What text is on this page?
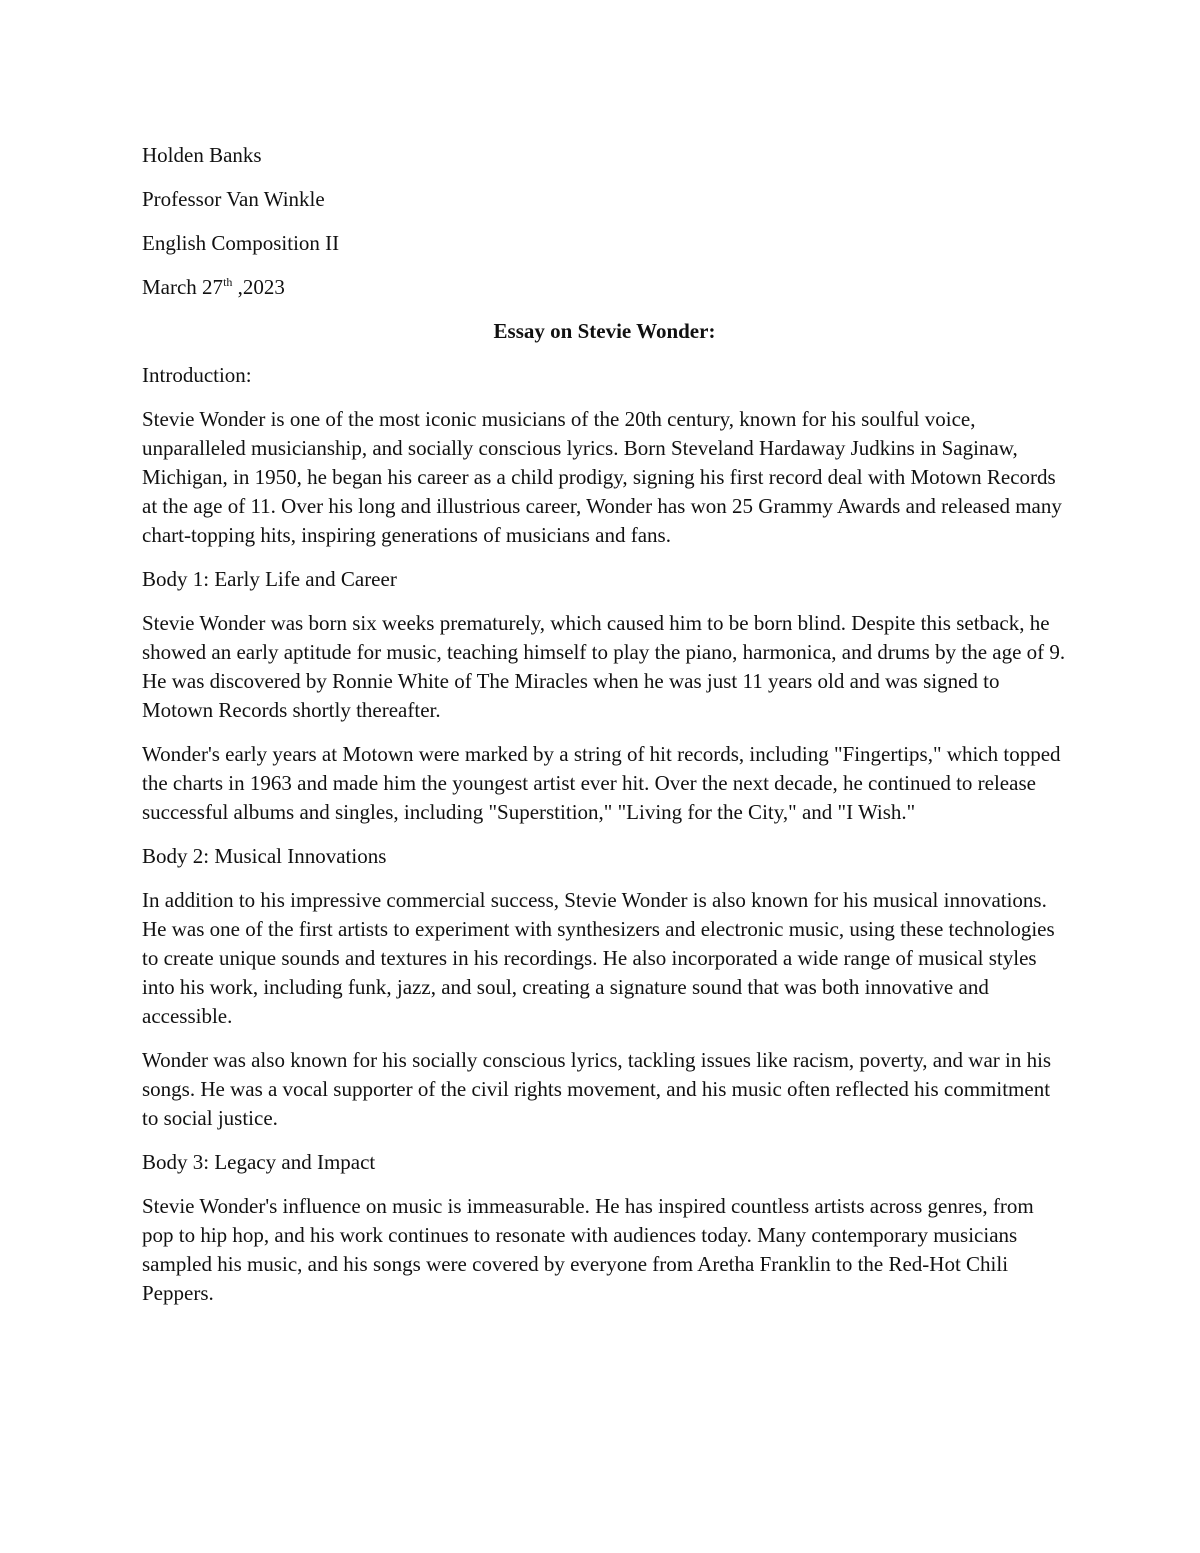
Holden Banks
Professor Van Winkle
English Composition II
March 27th ,2023
Essay on Stevie Wonder:
Introduction:

Stevie Wonder is one of the most iconic musicians of the 20th century, known for his soulful voice, unparalleled musicianship, and socially conscious lyrics. Born Steveland Hardaway Judkins in Saginaw, Michigan, in 1950, he began his career as a child prodigy, signing his first record deal with Motown Records at the age of 11. Over his long and illustrious career, Wonder has won 25 Grammy Awards and released many chart-topping hits, inspiring generations of musicians and fans.

Body 1: Early Life and Career

Stevie Wonder was born six weeks prematurely, which caused him to be born blind. Despite this setback, he showed an early aptitude for music, teaching himself to play the piano, harmonica, and drums by the age of 9. He was discovered by Ronnie White of The Miracles when he was just 11 years old and was signed to Motown Records shortly thereafter.

Wonder's early years at Motown were marked by a string of hit records, including "Fingertips," which topped the charts in 1963 and made him the youngest artist ever hit. Over the next decade, he continued to release successful albums and singles, including "Superstition," "Living for the City," and "I Wish."

Body 2: Musical Innovations

In addition to his impressive commercial success, Stevie Wonder is also known for his musical innovations. He was one of the first artists to experiment with synthesizers and electronic music, using these technologies to create unique sounds and textures in his recordings. He also incorporated a wide range of musical styles into his work, including funk, jazz, and soul, creating a signature sound that was both innovative and accessible.

Wonder was also known for his socially conscious lyrics, tackling issues like racism, poverty, and war in his songs. He was a vocal supporter of the civil rights movement, and his music often reflected his commitment to social justice.

Body 3: Legacy and Impact

Stevie Wonder's influence on music is immeasurable. He has inspired countless artists across genres, from pop to hip hop, and his work continues to resonate with audiences today. Many contemporary musicians sampled his music, and his songs were covered by everyone from Aretha Franklin to the Red-Hot Chili Peppers.
